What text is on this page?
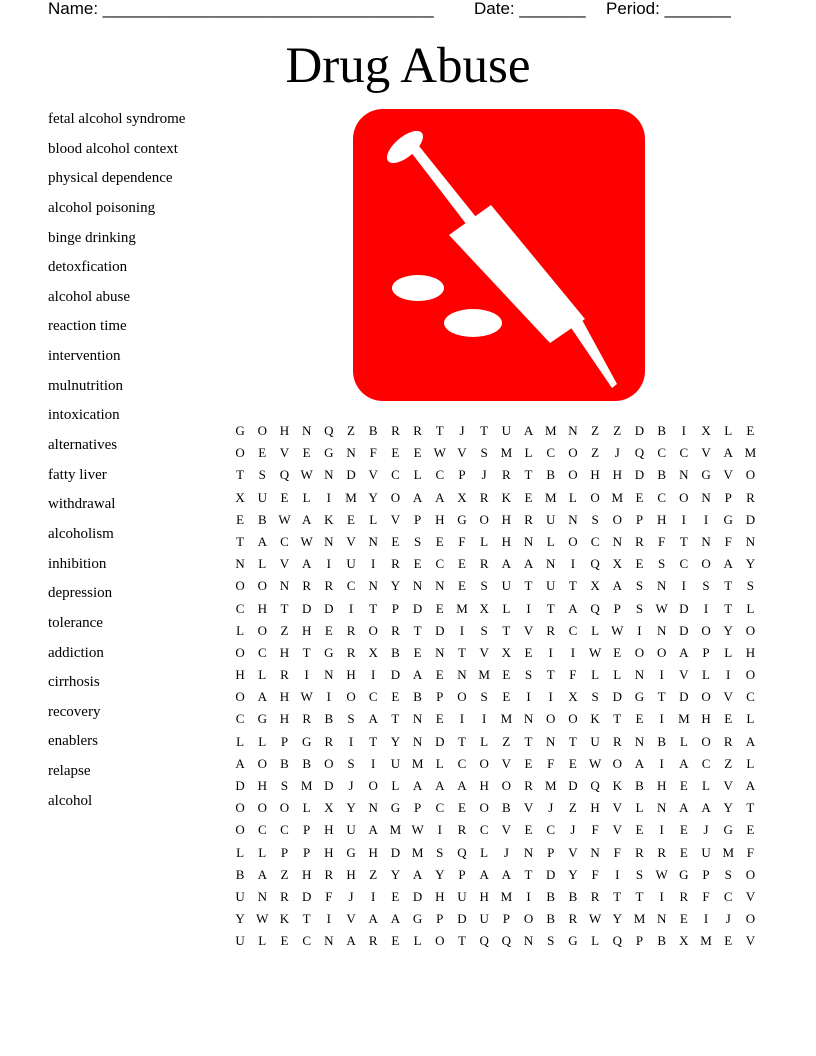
Name: ___________________________________ Date: _______ Period: _______
Drug Abuse
fetal alcohol syndrome
blood alcohol context
physical dependence
alcohol poisoning
binge drinking
detoxfication
alcohol abuse
reaction time
intervention
mulnutrition
intoxication
alternatives
fatty liver
withdrawal
alcoholism
inhibition
depression
tolerance
addiction
cirrhosis
recovery
enablers
relapse
alcohol
G O H N Q	Z	B	R	R	T	J	T	U A M N	Z	Z	D	B	I	X	L	E
O	E	V	E	G N	F	E	E W V	S M L	C	O	Z	J	Q	C	C	V A M
T	S	Q W N D V	C	L	C	P	J	R	T	B	O H H D	B	N G V O
X U	E	L	I	M Y O A A X	R	K	E M L	O M E	C	O N	P	R
E	B W A K	E	L	V	P	H G O H	R	U N	S	O	P	H	I	I	G D
T	A	C W N V N	E	S	E	F	L	H N	L	O	C	N	R	F	T	N	F	N
N	L	V A	I	U	I	R	E	C	E	R	A A N	I	Q X	E	S	C	O A Y
O O N	R	R	C	N Y N N	E	S	U	T	U	T	X A	S	N	I	S	T	S
C	H	T	D D	I	T	P	D	E M X	L	I	T	A Q	P	S W D	I	T	L
L	O	Z	H	E	R	O	R	T	D	I	S	T	V	R	C	L W	I	N D O Y O
O	C	H	T	G	R	X	B	E	N	T	V X	E	I	I	W E	O O A	P	L	H
H	L	R	I	N H	I	D A	E	N M E	S	T	F	L	L	N	I	V	L	I	O
O A H W	I	O	C	E	B	P	O	S	E	I	I	X	S	D G	T	D O V	C
C	G H	R	B	S	A	T	N	E	I	I	M N O O K	T	E	I	M H	E	L
L	L	P	G	R	I	T	Y N D	T	L	Z	T	N	T	U	R	N	B	L	O	R	A
A O	B	B	O	S	I	U M L	C	O V	E	F	E W O A	I	A	C	Z	L
D H	S M D	J	O	L	A A A H O	R M D Q K	B	H	E	L	V A
O O O	L	X Y N G	P	C	E	O	B	V	J	Z	H V	L	N A A Y	T
O	C	C	P	H U A M W	I	R	C	V	E	C	J	F	V	E	I	E	J	G	E
L	L	P	P	H G H D M S	Q	L	J	N	P	V N	F	R	R	E	U M F
B	A	Z	H	R	H	Z	Y A Y	P	A A	T	D Y	F	I	S W G	P	S	O
U N	R	D	F	J	I	E	D H U H M	I	B	B	R	T	T	I	R	F	C	V
Y W K	T	I	V A A G	P	D U	P	O	B	R W Y M N	E	I	J	O
U	L	E	C	N A	R	E	L	O	T	Q Q N	S	G	L	Q	P	B	X M E	V
